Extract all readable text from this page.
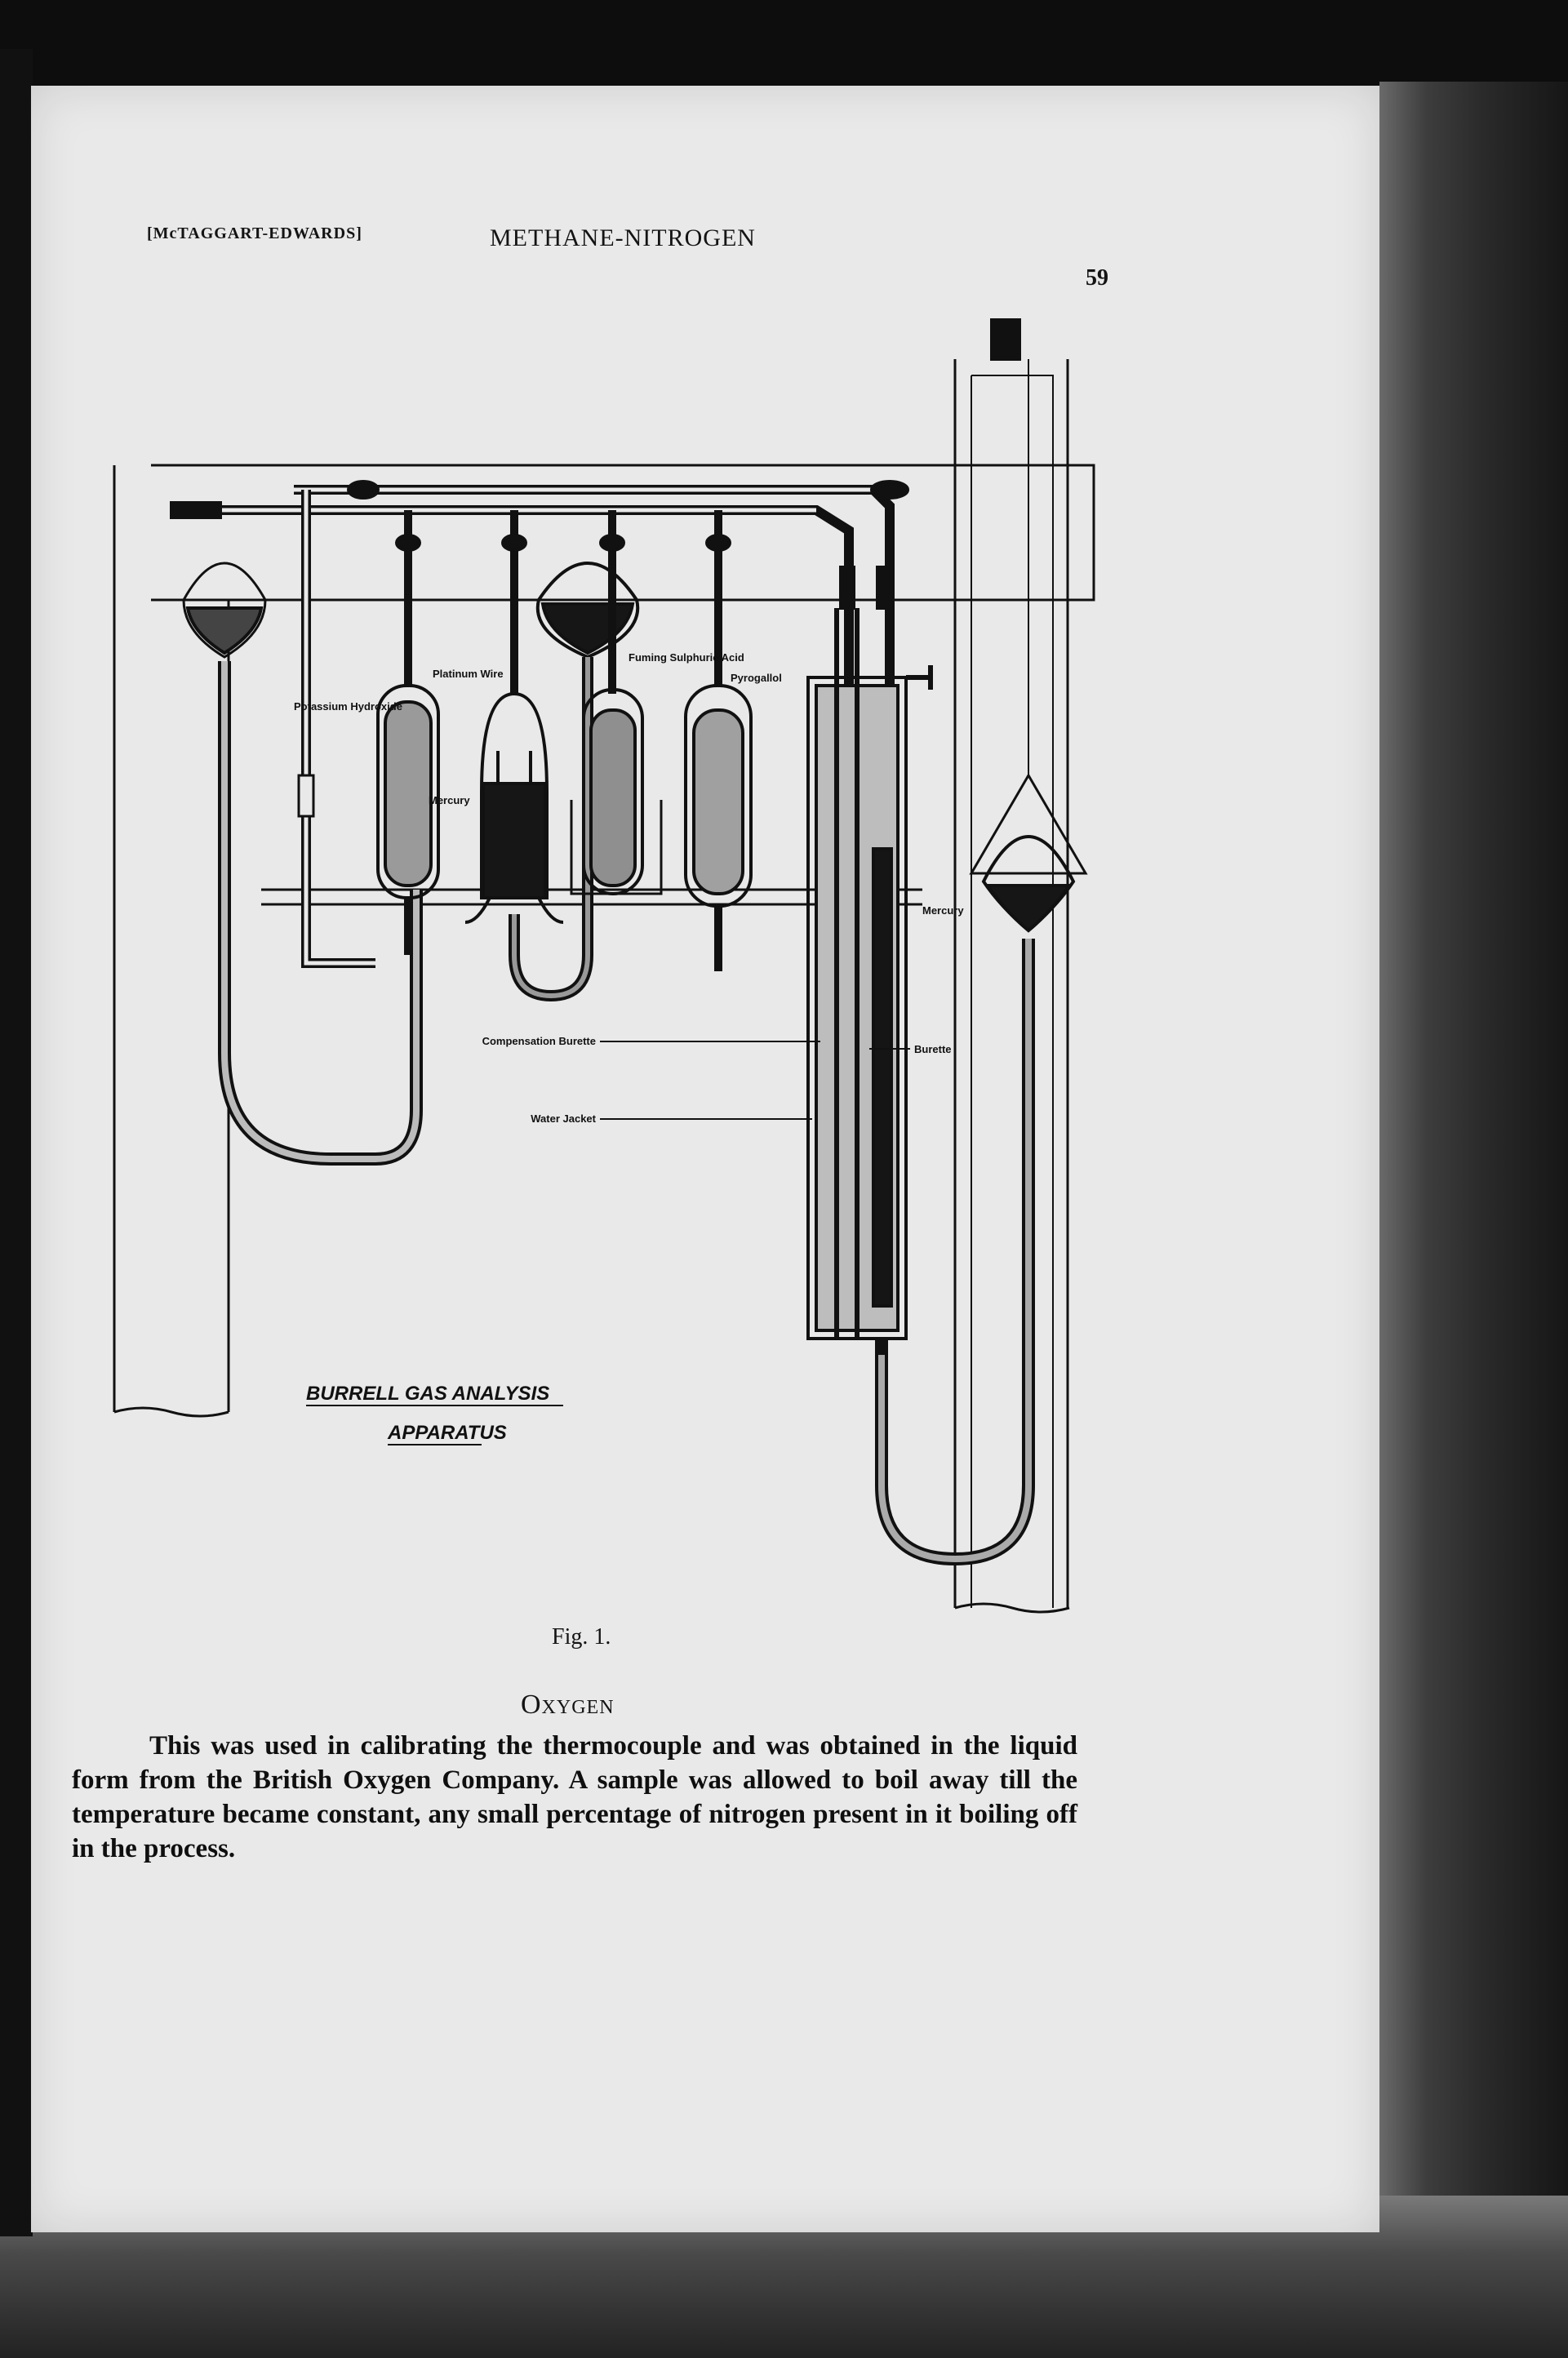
[McTAGGART-EDWARDS]	METHANE-NITROGEN
59
Potassium Hydroxide
Platinum Wire
Mercury
Fuming Sulphuric Acid
Pyrogallol
Mercury
Compensation Burette
Burette
Water Jacket
BURRELL GAS ANALYSIS
APPARATUS
Fig. 1.
Oxygen

This was used in calibrating the thermocouple and was obtained in the liquid form from the British Oxygen Company. A sample was allowed to boil away till the temperature became constant, any small percentage of nitrogen present in it boiling off in the process.
